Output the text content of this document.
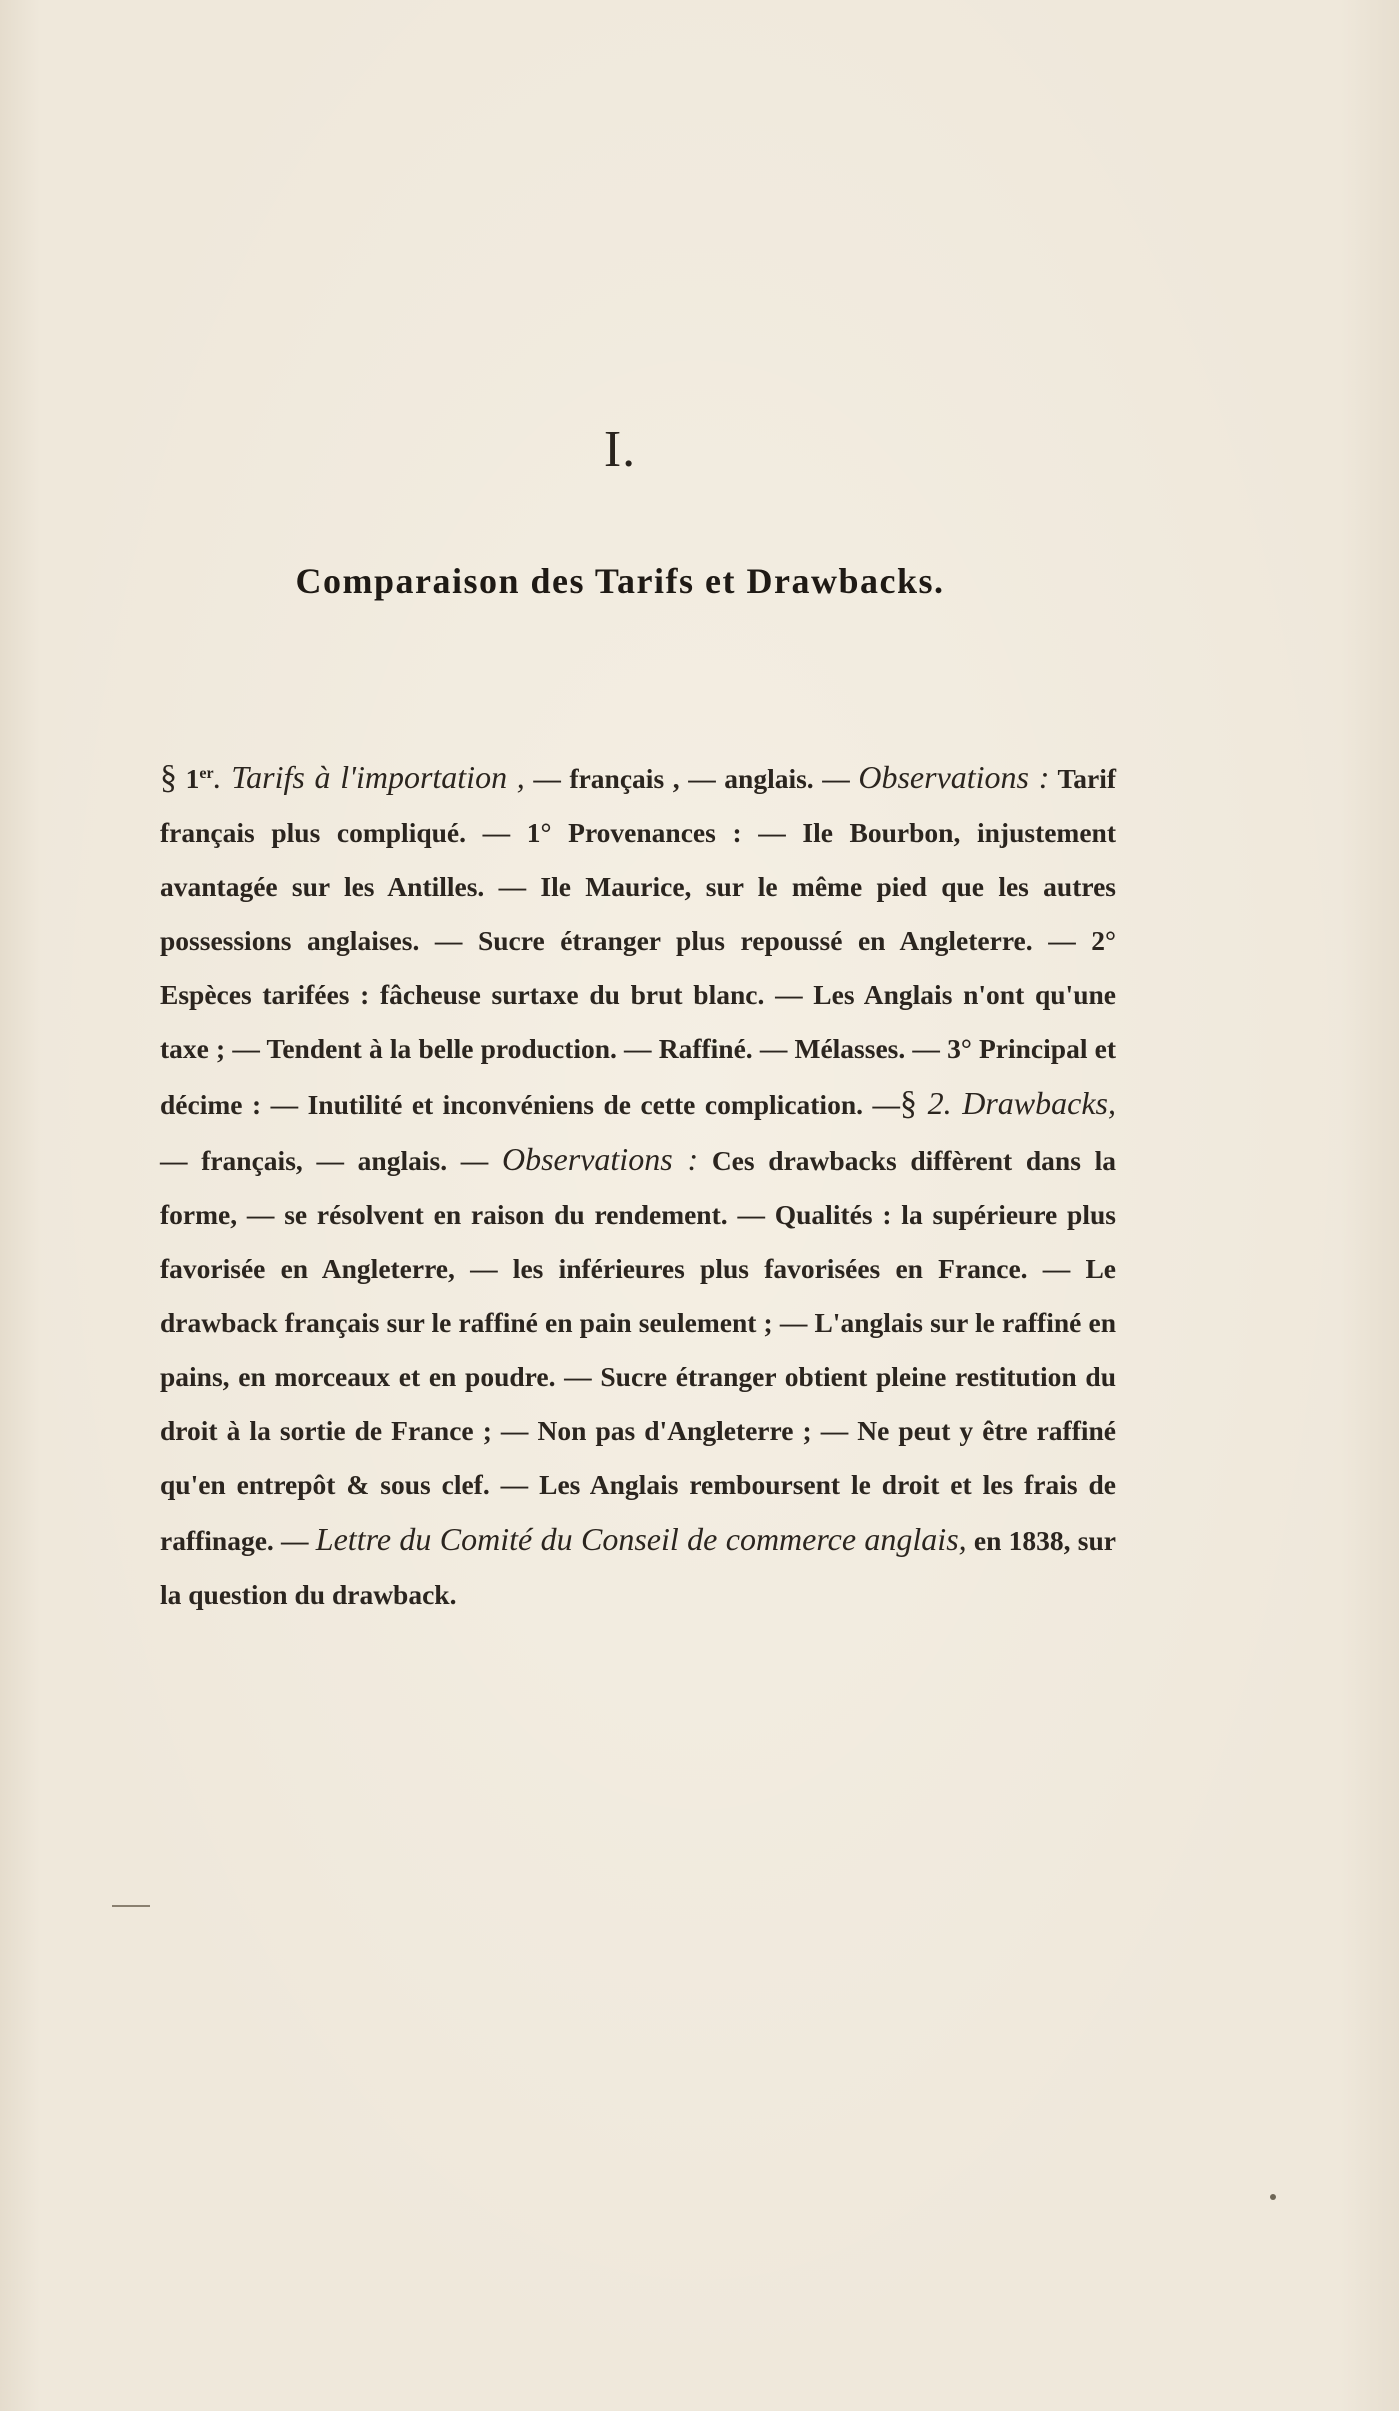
I.
Comparaison des Tarifs et Drawbacks.

§ 1er. Tarifs à l'importation , — français , — anglais. — Observations : Tarif français plus compliqué. — 1° Provenances : — Ile Bourbon, injustement avantagée sur les Antilles. — Ile Maurice, sur le même pied que les autres possessions anglaises. — Sucre étranger plus repoussé en Angleterre. — 2° Espèces tarifées : fâcheuse surtaxe du brut blanc. — Les Anglais n'ont qu'une taxe ; — Tendent à la belle production. — Raffiné. — Mélasses. — 3° Principal et décime : — Inutilité et inconvéniens de cette complication. —§ 2. Drawbacks, — français, — anglais. — Observations : Ces drawbacks diffèrent dans la forme, — se résolvent en raison du rendement. — Qualités : la supérieure plus favorisée en Angleterre, — les inférieures plus favorisées en France. — Le drawback français sur le raffiné en pain seulement ; — L'anglais sur le raffiné en pains, en morceaux et en poudre. — Sucre étranger obtient pleine restitution du droit à la sortie de France ; — Non pas d'Angleterre ; — Ne peut y être raffiné qu'en entrepôt & sous clef. — Les Anglais remboursent le droit et les frais de raffinage. — Lettre du Comité du Conseil de commerce anglais, en 1838, sur la question du drawback.
